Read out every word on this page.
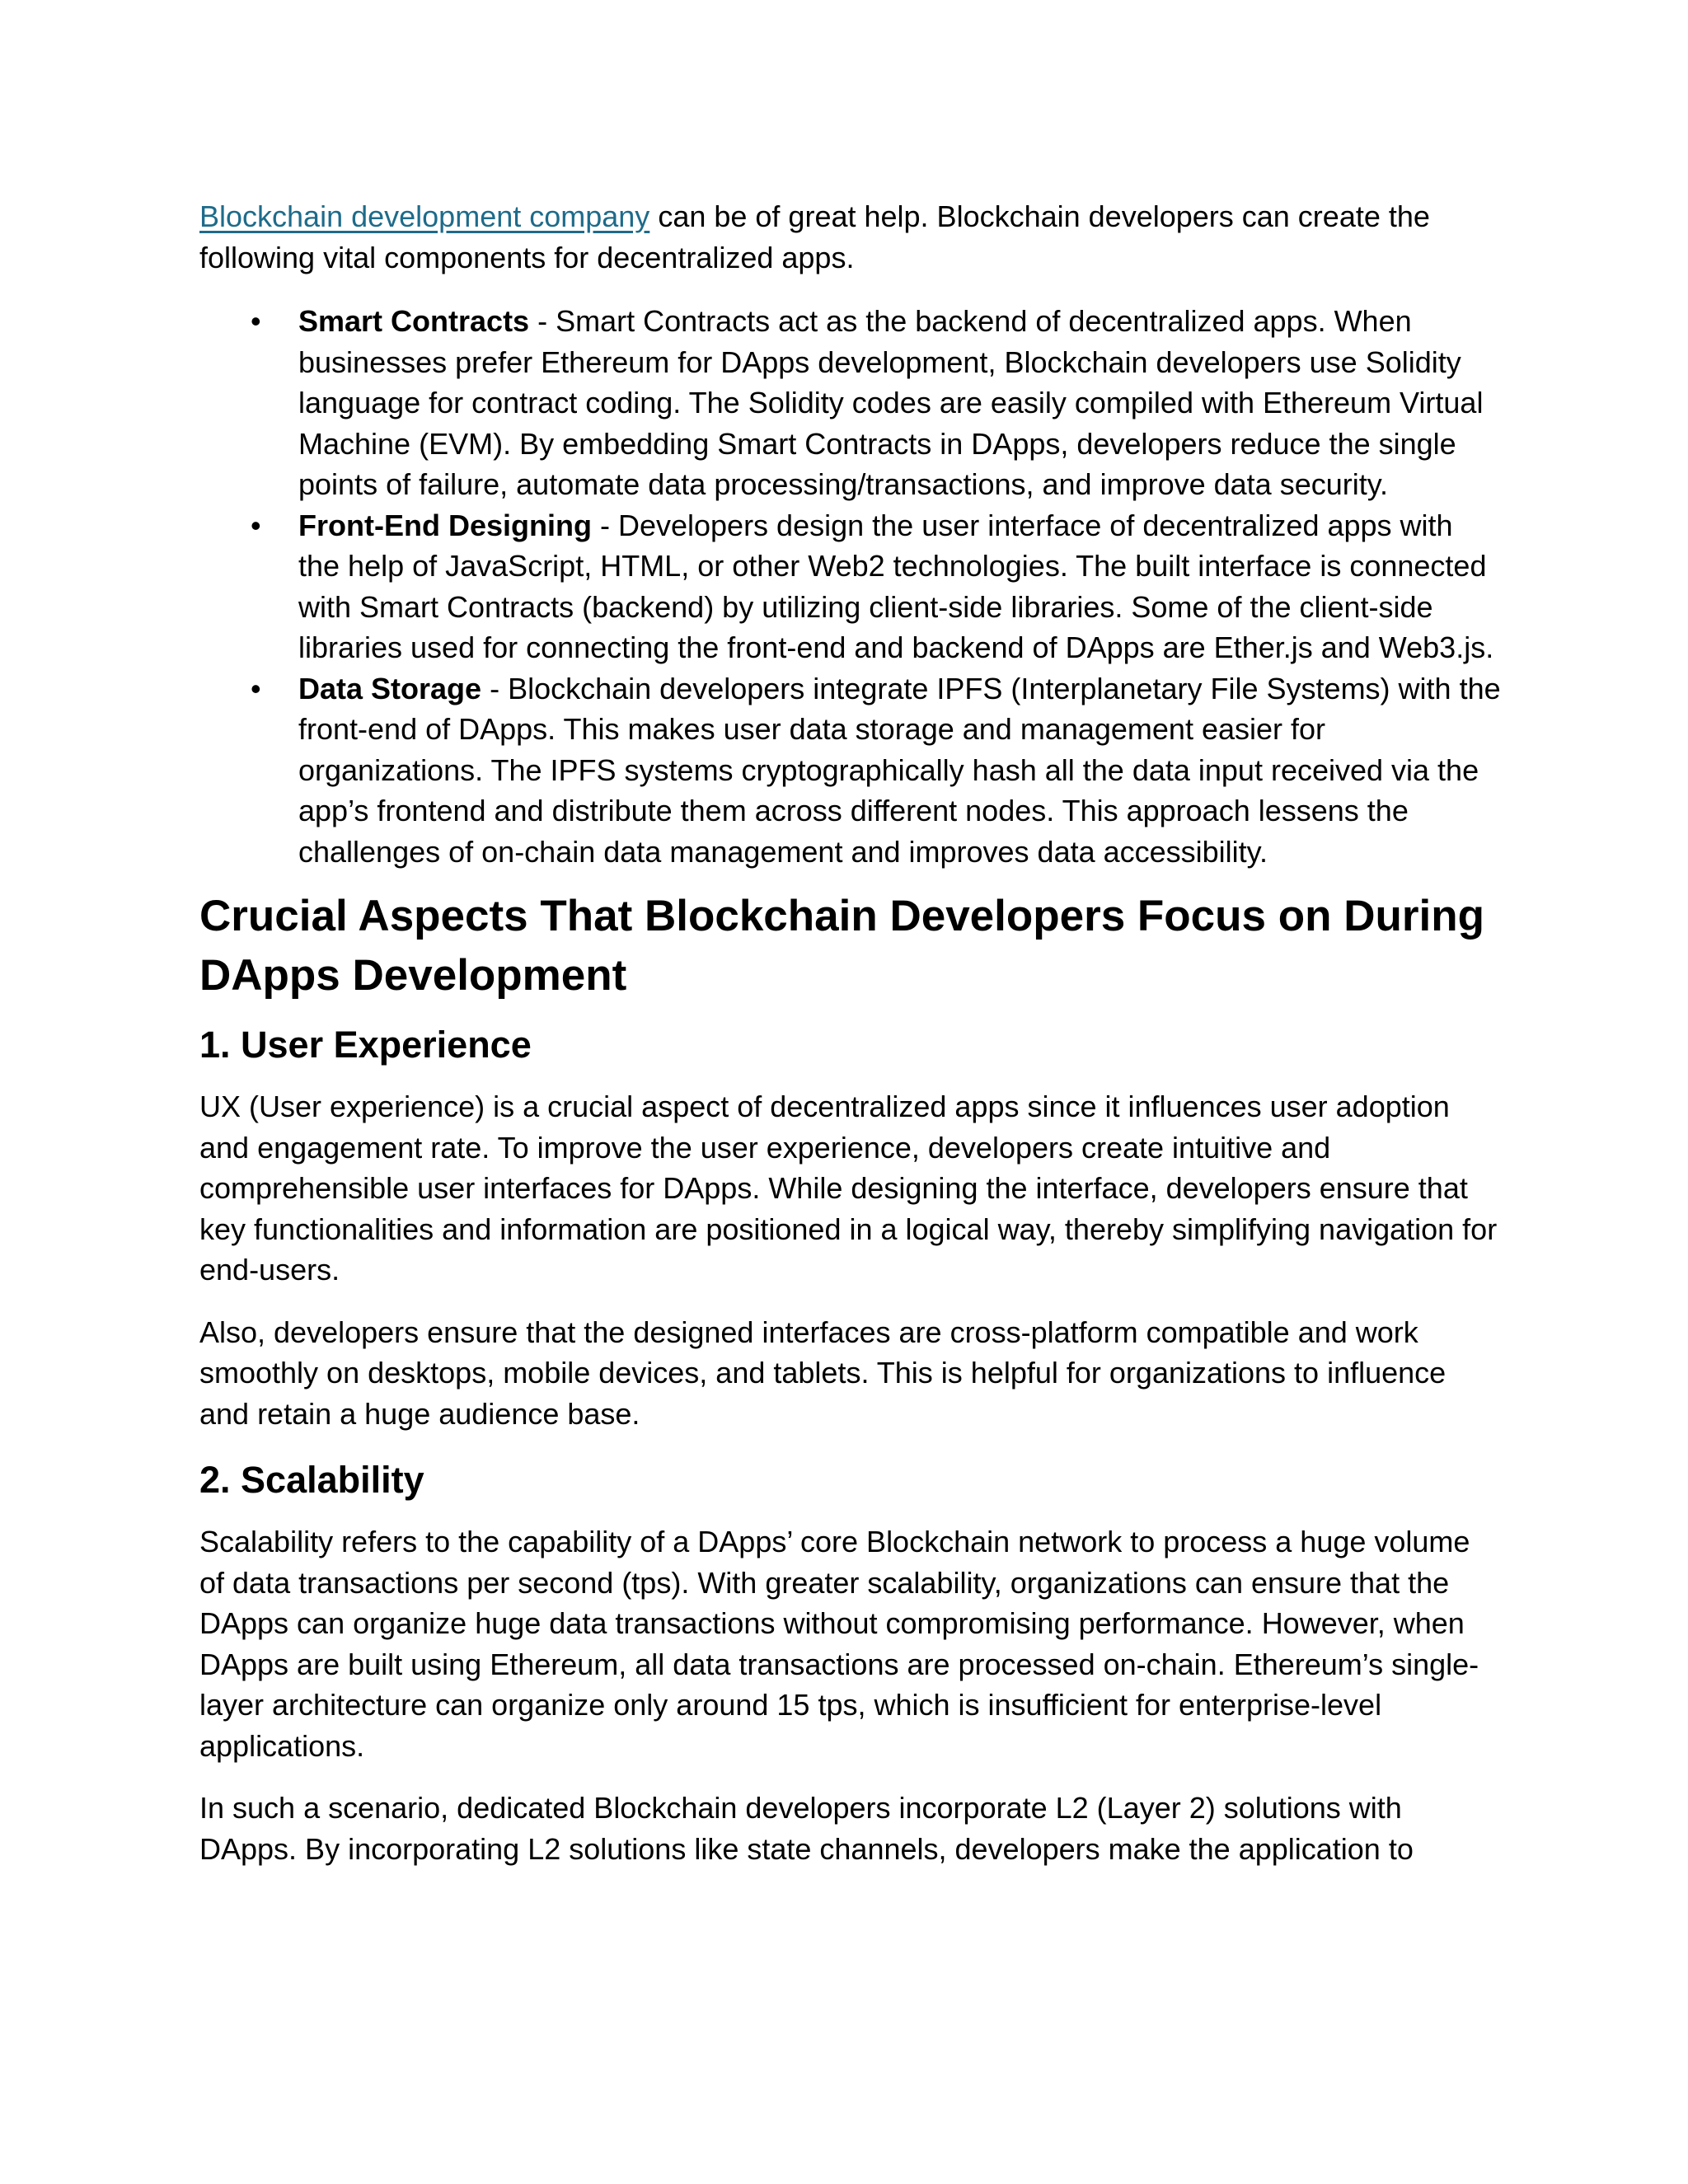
Blockchain development company can be of great help. Blockchain developers can create the following vital components for decentralized apps.

• Smart Contracts - Smart Contracts act as the backend of decentralized apps. When businesses prefer Ethereum for DApps development, Blockchain developers use Solidity language for contract coding. The Solidity codes are easily compiled with Ethereum Virtual Machine (EVM). By embedding Smart Contracts in DApps, developers reduce the single points of failure, automate data processing/transactions, and improve data security.
• Front-End Designing - Developers design the user interface of decentralized apps with the help of JavaScript, HTML, or other Web2 technologies. The built interface is connected with Smart Contracts (backend) by utilizing client-side libraries. Some of the client-side libraries used for connecting the front-end and backend of DApps are Ether.js and Web3.js.
• Data Storage - Blockchain developers integrate IPFS (Interplanetary File Systems) with the front-end of DApps. This makes user data storage and management easier for organizations. The IPFS systems cryptographically hash all the data input received via the app’s frontend and distribute them across different nodes. This approach lessens the challenges of on-chain data management and improves data accessibility.
Crucial Aspects That Blockchain Developers Focus on During DApps Development
1. User Experience

UX (User experience) is a crucial aspect of decentralized apps since it influences user adoption and engagement rate. To improve the user experience, developers create intuitive and comprehensible user interfaces for DApps. While designing the interface, developers ensure that key functionalities and information are positioned in a logical way, thereby simplifying navigation for end-users.

Also, developers ensure that the designed interfaces are cross-platform compatible and work smoothly on desktops, mobile devices, and tablets. This is helpful for organizations to influence and retain a huge audience base.

2. Scalability

Scalability refers to the capability of a DApps’ core Blockchain network to process a huge volume of data transactions per second (tps). With greater scalability, organizations can ensure that the DApps can organize huge data transactions without compromising performance. However, when DApps are built using Ethereum, all data transactions are processed on-chain. Ethereum’s single-layer architecture can organize only around 15 tps, which is insufficient for enterprise-level applications.

In such a scenario, dedicated Blockchain developers incorporate L2 (Layer 2) solutions with DApps. By incorporating L2 solutions like state channels, developers make the application to
